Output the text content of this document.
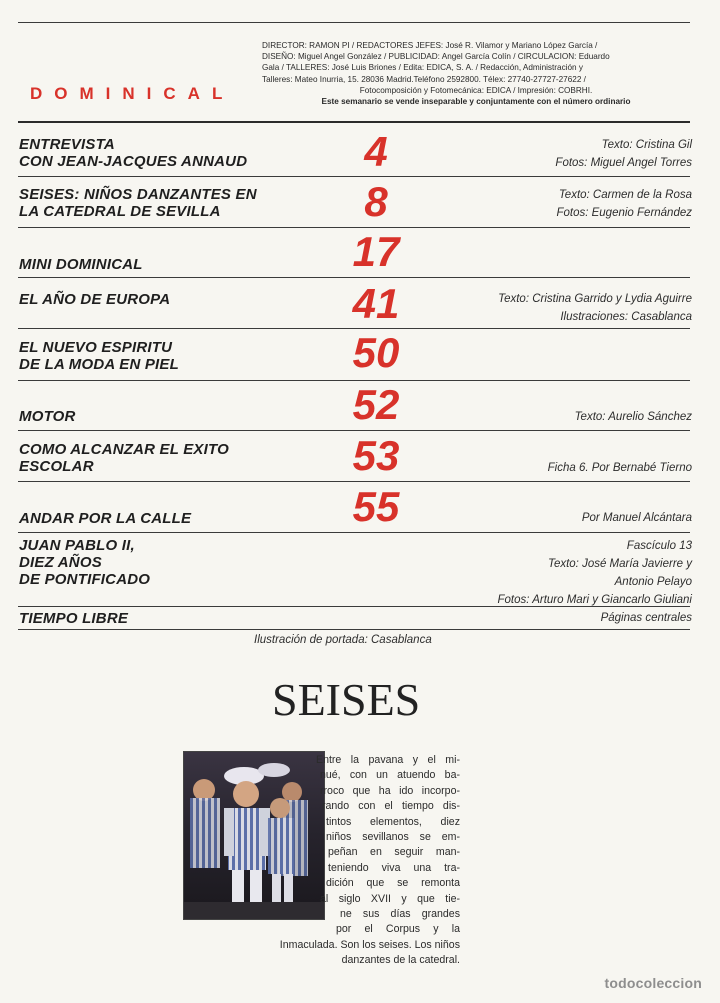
DOMINICAL
DIRECTOR: RAMON PI / REDACTORES JEFES: José R. Vilamor y Mariano López García /
DISEÑO: Miguel Angel González / PUBLICIDAD: Angel García Colín / CIRCULACION: Eduardo
Gala / TALLERES: José Luis Briones / Edita: EDICA, S. A. / Redacción, Administración y
Talleres: Mateo Inurria, 15. 28036 Madrid.Teléfono 2592800. Télex: 27740-27727-27622 /
Fotocomposición y Fotomecánica: EDICA / Impresión: COBRHI.
Este semanario se vende inseparable y conjuntamente con el número ordinario
ENTREVISTA
CON JEAN-JACQUES ANNAUD	4	Texto: Cristina Gil
Fotos: Miguel Angel Torres
SEISES: NIÑOS DANZANTES EN
LA CATEDRAL DE SEVILLA	8	Texto: Carmen de la Rosa
Fotos: Eugenio Fernández
MINI DOMINICAL	17
EL AÑO DE EUROPA	41	Texto: Cristina Garrido y Lydia Aguirre
Ilustraciones: Casablanca
EL NUEVO ESPIRITU
DE LA MODA EN PIEL	50
MOTOR	52	Texto: Aurelio Sánchez
COMO ALCANZAR EL EXITO
ESCOLAR	53	Ficha 6. Por Bernabé Tierno
ANDAR POR LA CALLE	55	Por Manuel Alcántara
JUAN PABLO II,
DIEZ AÑOS
DE PONTIFICADO
Fascículo 13
Texto: José María Javierre y
Antonio Pelayo
Fotos: Arturo Mari y Giancarlo Giuliani
TIEMPO LIBRE	Páginas centrales
Ilustración de portada: Casablanca
SEISES
Entre la pavana y el mi-
nué, con un atuendo ba-
rroco que ha ido incorpo-
rando con el tiempo dis-
tintos elementos, diez
niños sevillanos se em-
peñan en seguir man-
teniendo viva una tra-
dición que se remonta
al siglo XVII y que tie-
ne sus días grandes
por el Corpus y la
Inmaculada. Son los seises. Los niños
danzantes de la catedral.
todocoleccion
